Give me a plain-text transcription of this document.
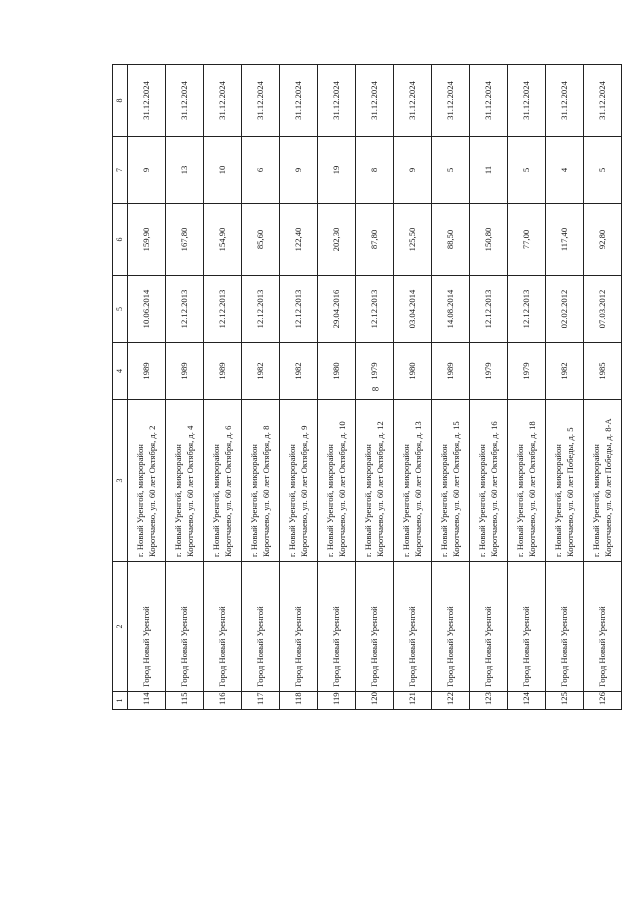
8
1	2	3	4	5	6	7	8
114	Город Новый Уренгой	г. Новый Уренгой, микрорайон Коротчаево, ул. 60 лет Октября, д. 2	1989	10.06.2014	159,90	9	31.12.2024
115	Город Новый Уренгой	г. Новый Уренгой, микрорайон Коротчаево, ул. 60 лет Октября, д. 4	1989	12.12.2013	167,80	13	31.12.2024
116	Город Новый Уренгой	г. Новый Уренгой, микрорайон Коротчаево, ул. 60 лет Октября, д. 6	1989	12.12.2013	154,90	10	31.12.2024
117	Город Новый Уренгой	г. Новый Уренгой, микрорайон Коротчаево, ул. 60 лет Октября, д. 8	1982	12.12.2013	85,60	6	31.12.2024
118	Город Новый Уренгой	г. Новый Уренгой, микрорайон Коротчаево, ул. 60 лет Октября, д. 9	1982	12.12.2013	122,40	9	31.12.2024
119	Город Новый Уренгой	г. Новый Уренгой, микрорайон Коротчаево, ул. 60 лет Октября, д. 10	1980	29.04.2016	202,30	19	31.12.2024
120	Город Новый Уренгой	г. Новый Уренгой, микрорайон Коротчаево, ул. 60 лет Октября, д. 12	1979	12.12.2013	87,80	8	31.12.2024
121	Город Новый Уренгой	г. Новый Уренгой, микрорайон Коротчаево, ул. 60 лет Октября, д. 13	1980	03.04.2014	125,50	9	31.12.2024
122	Город Новый Уренгой	г. Новый Уренгой, микрорайон Коротчаево, ул. 60 лет Октября, д. 15	1989	14.08.2014	88,50	5	31.12.2024
123	Город Новый Уренгой	г. Новый Уренгой, микрорайон Коротчаево, ул. 60 лет Октября, д. 16	1979	12.12.2013	150,80	11	31.12.2024
124	Город Новый Уренгой	г. Новый Уренгой, микрорайон Коротчаево, ул. 60 лет Октября, д. 18	1979	12.12.2013	77,00	5	31.12.2024
125	Город Новый Уренгой	г. Новый Уренгой, микрорайон Коротчаево, ул. 60 лет Победы, д. 5	1982	02.02.2012	117,40	4	31.12.2024
126	Город Новый Уренгой	г. Новый Уренгой, микрорайон Коротчаево, ул. 60 лет Победы, д. 8-А	1985	07.03.2012	92,80	5	31.12.2024
